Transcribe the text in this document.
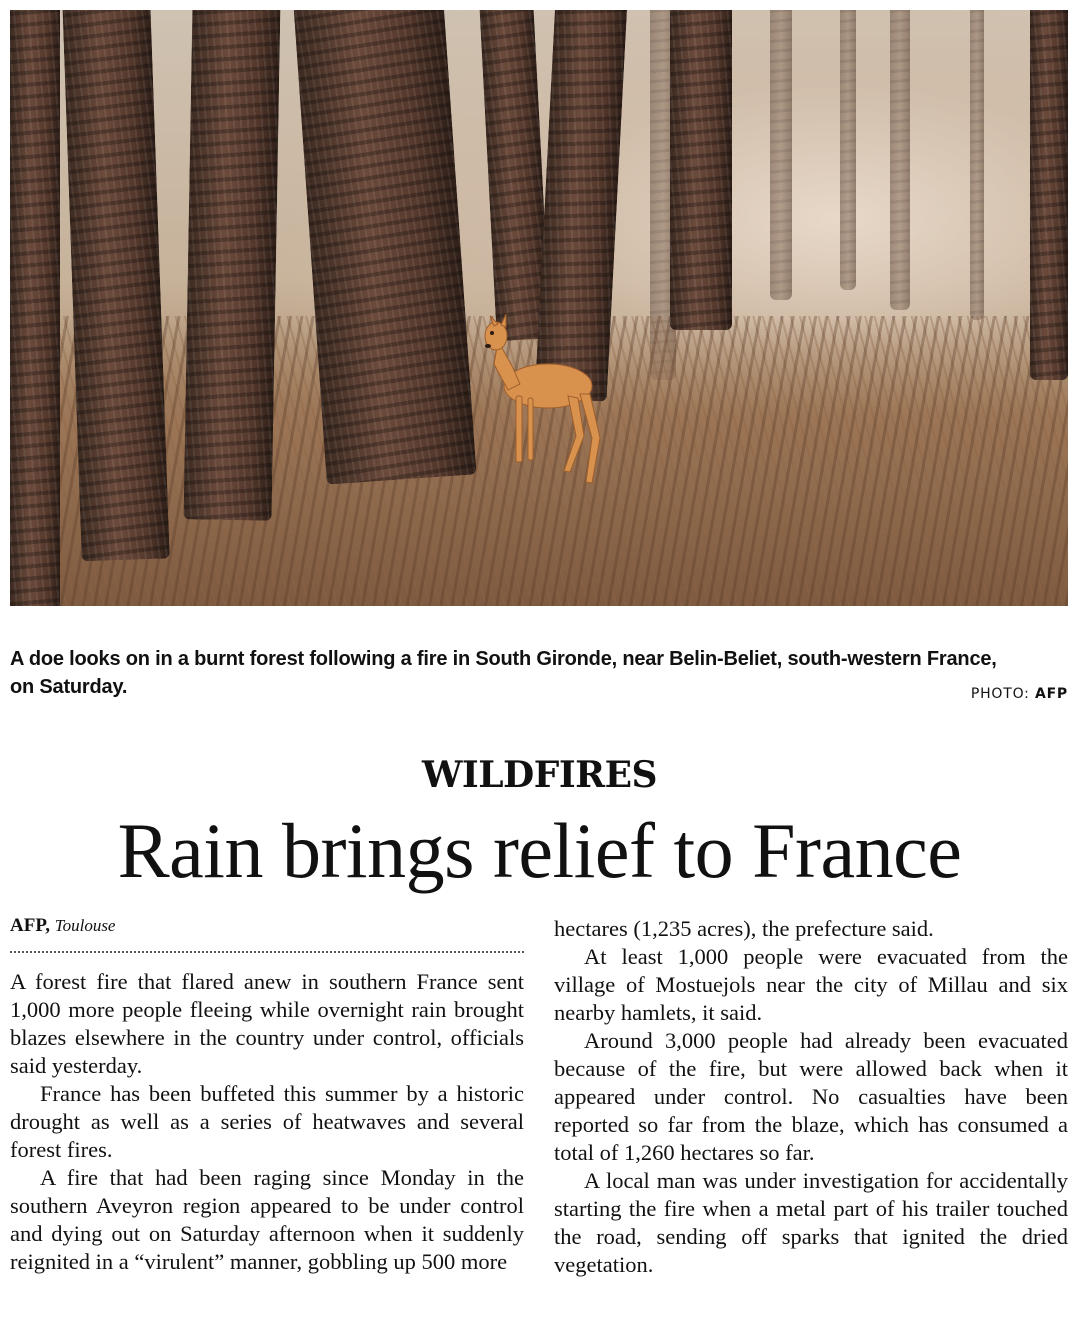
A doe looks on in a burnt forest following a fire in South Gironde, near Belin-Beliet, south-western France, on Saturday.	PHOTO: AFP
WILDFIRES
Rain brings relief to France
AFP, Toulouse

A forest fire that flared anew in southern France sent 1,000 more people fleeing while overnight rain brought blazes elsewhere in the country under control, officials said yesterday.

France has been buffeted this summer by a historic drought as well as a series of heatwaves and several forest fires.

A fire that had been raging since Monday in the southern Aveyron region appeared to be under control and dying out on Saturday afternoon when it suddenly reignited in a “virulent” manner, gobbling up 500 more

hectares (1,235 acres), the prefecture said.

At least 1,000 people were evacuated from the village of Mostuejols near the city of Millau and six nearby hamlets, it said.

Around 3,000 people had already been evacuated because of the fire, but were allowed back when it appeared under control. No casualties have been reported so far from the blaze, which has consumed a total of 1,260 hectares so far.

A local man was under investigation for accidentally starting the fire when a metal part of his trailer touched the road, sending off sparks that ignited the dried vegetation.
